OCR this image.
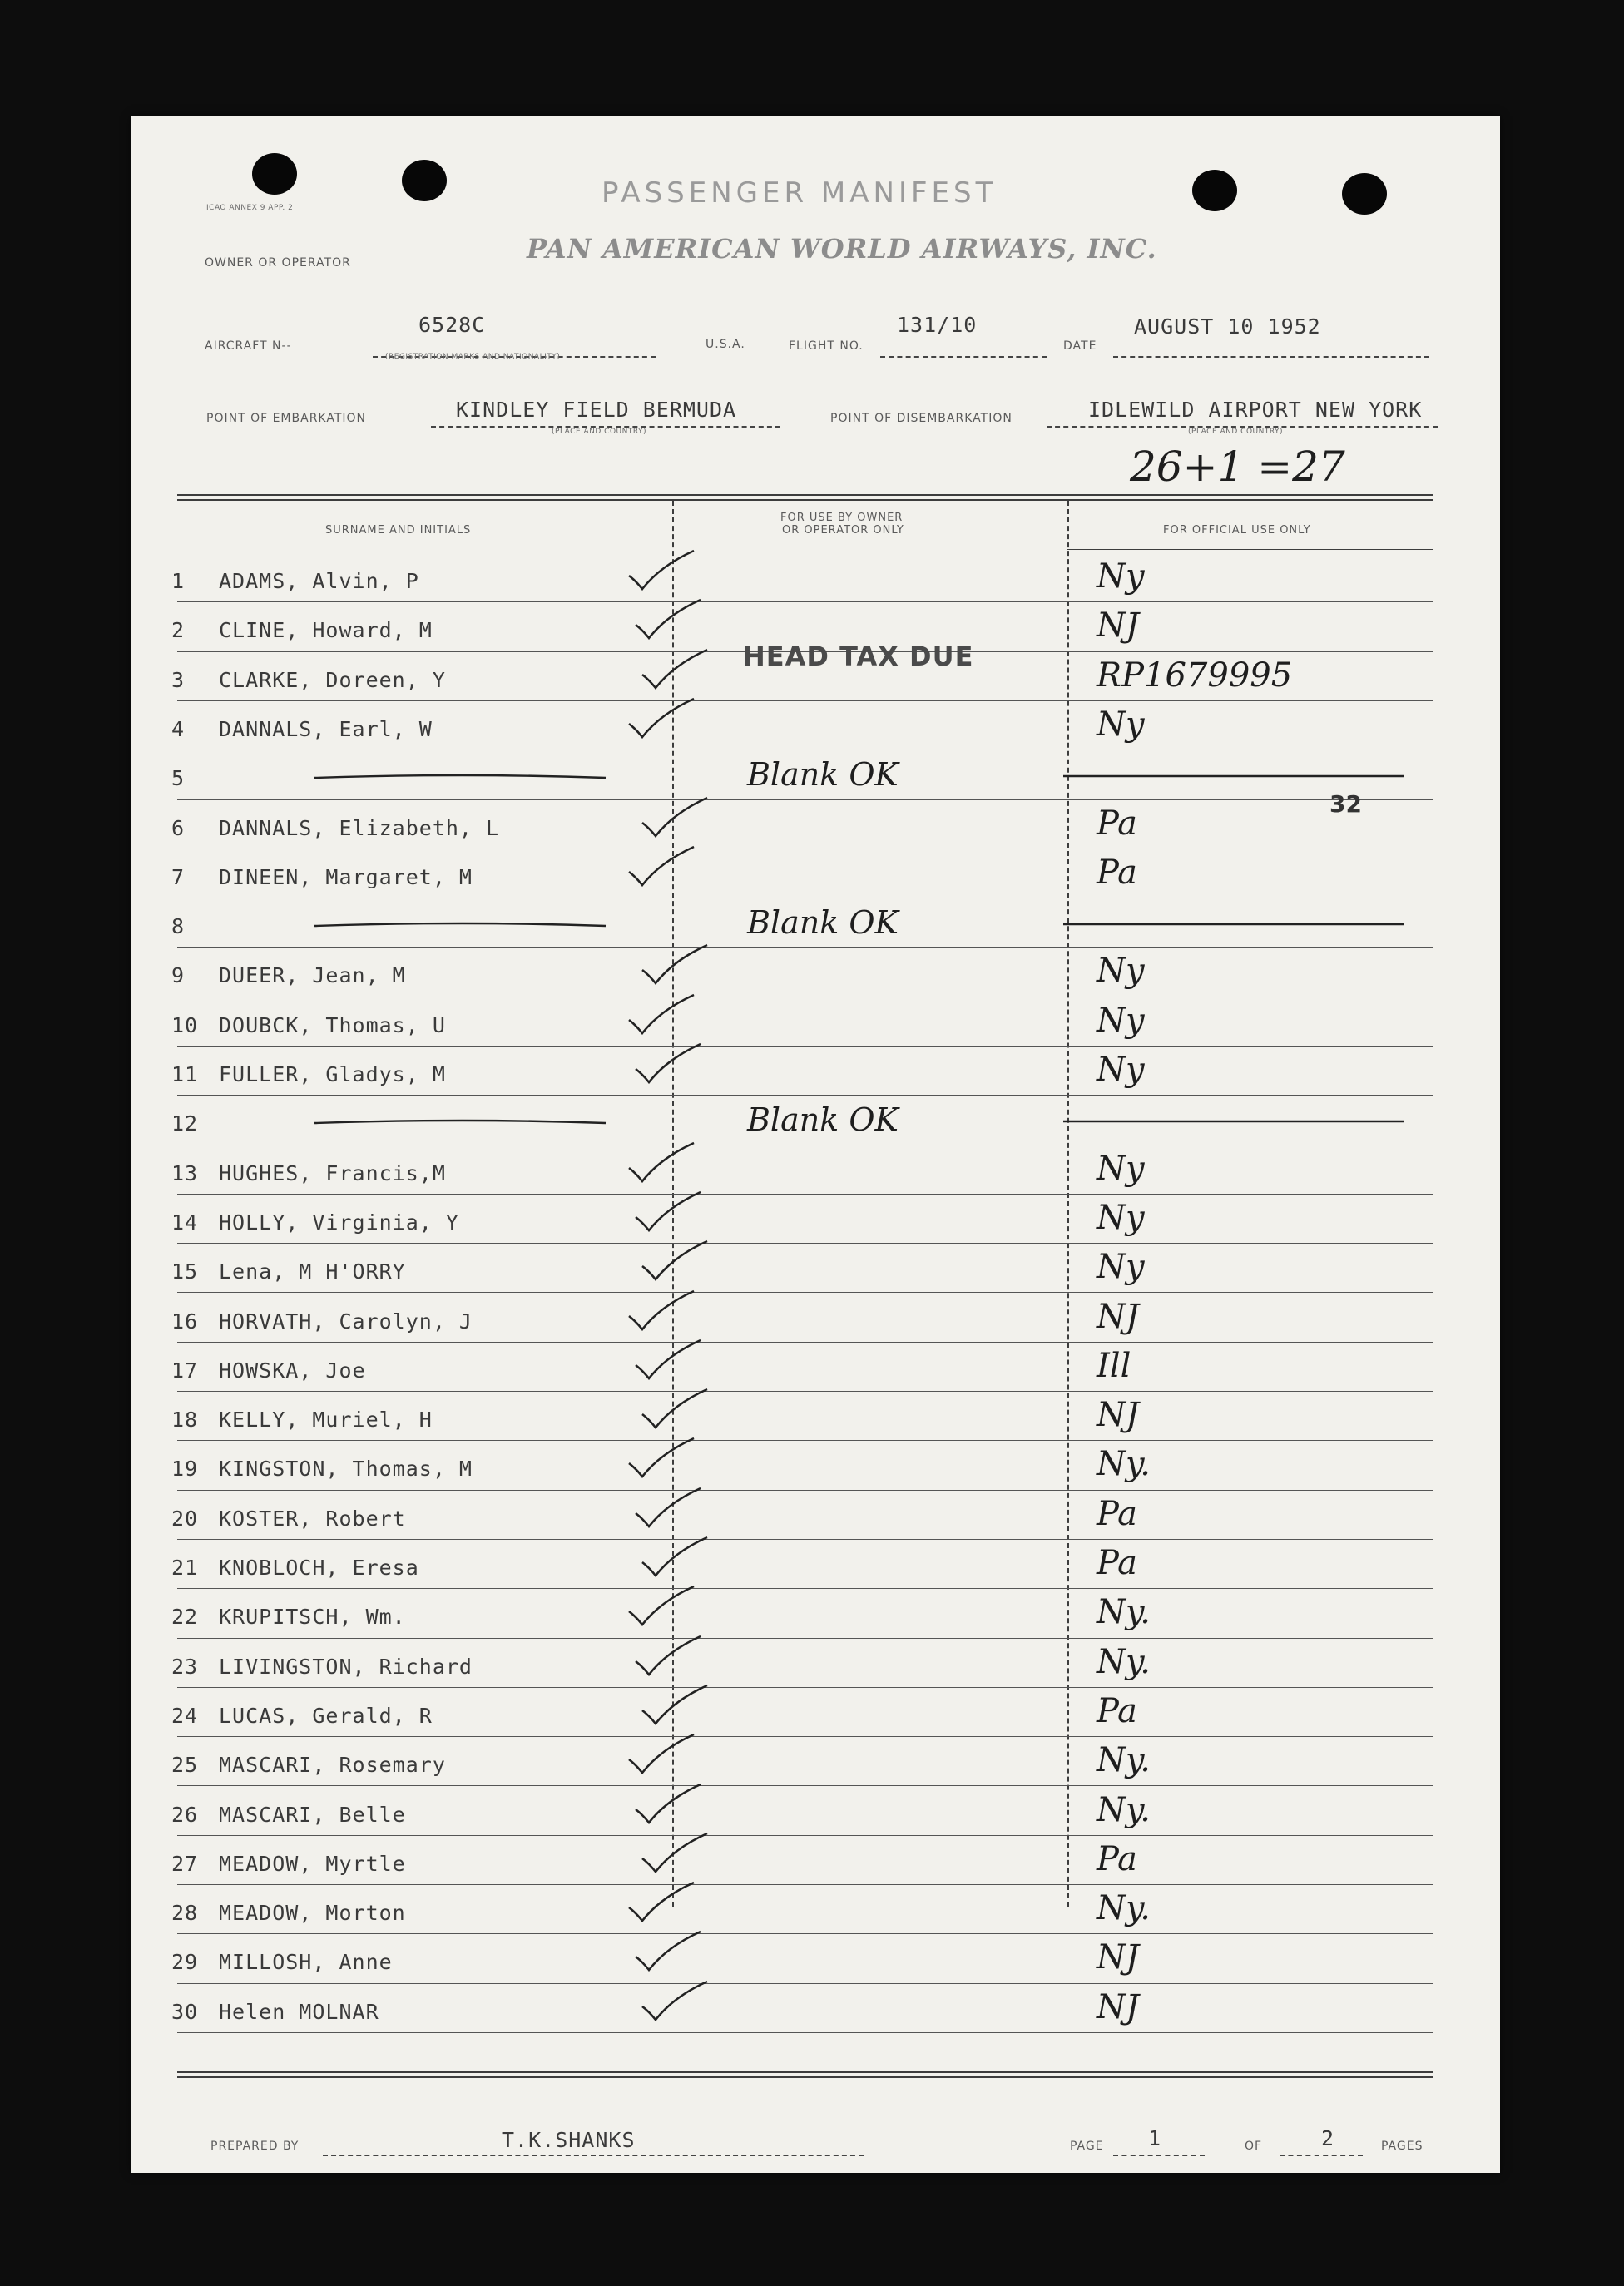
ICAO ANNEX 9 APP. 2	PASSENGER MANIFEST
OWNER OR OPERATOR	PAN AMERICAN WORLD AIRWAYS, INC.
AIRCRAFT N--
6528C
(REGISTRATION MARKS AND NATIONALITY)
U.S.A.	FLIGHT NO.
131/10
DATE
AUGUST 10 1952
POINT OF EMBARKATION	KINDLEY FIELD BERMUDA
(PLACE AND COUNTRY)
POINT OF DISEMBARKATION	IDLEWILD AIRPORT NEW YORK
(PLACE AND COUNTRY)
26+1 =27
SURNAME AND INITIALS
FOR USE BY OWNER
OR OPERATOR ONLY	FOR OFFICIAL USE ONLY
1 ADAMS, Alvin, P	Ny
2 CLINE, Howard, M	NJ
3 CLARKE, Doreen, Y	RP1679995
4 DANNALS, Earl, W	Ny
5	Blank OK
6 DANNALS, Elizabeth, L	Pa
7 DINEEN, Margaret, M	Pa
8	Blank OK
9 DUEER, Jean, M	Ny
10 DOUBCK, Thomas, U	Ny
11 FULLER, Gladys, M	Ny
12	Blank OK
13 HUGHES, Francis,M	Ny
14 HOLLY, Virginia, Y	Ny
15 Lena, M H'ORRY	Ny
16 HORVATH, Carolyn, J	NJ
17 HOWSKA, Joe	Ill
18 KELLY, Muriel, H	NJ
19 KINGSTON, Thomas, M	Ny.
20 KOSTER, Robert	Pa
21 KNOBLOCH, Eresa	Pa
22 KRUPITSCH, Wm.	Ny.
23 LIVINGSTON, Richard	Ny.
24 LUCAS, Gerald, R	Pa
25 MASCARI, Rosemary	Ny.
26 MASCARI, Belle	Ny.
27 MEADOW, Myrtle	Pa
28 MEADOW, Morton	Ny.
29 MILLOSH, Anne	NJ
30 Helen MOLNAR	NJ
HEAD TAX DUE
32
PREPARED BY	T.K.SHANKS	PAGE 1	OF	2	PAGES
